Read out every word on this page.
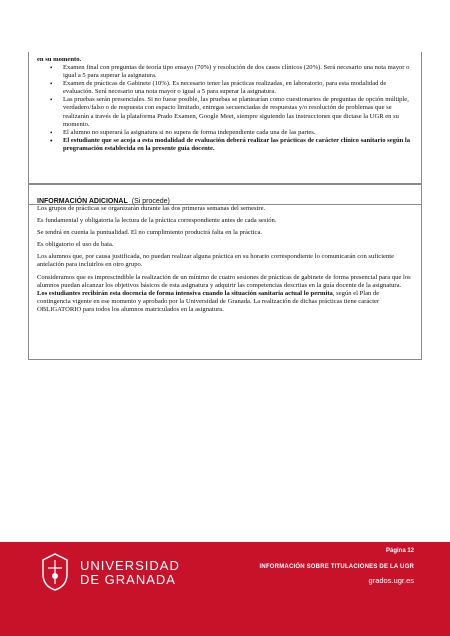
en su momento.
• Examen final con preguntas de teoría tipo ensayo (70%) y resolución de dos casos clínicos (20%). Será necesario una nota mayor o igual a 5 para superar la asignatura.
• Examen de prácticas de Gabinete (10%). Es necesario tener las prácticas realizadas, en laboratorio, para esta modalidad de evaluación. Será necesario una nota mayor o igual a 5 para superar la asignatura.
• Las pruebas serán presenciales. Si no fuese posible, las pruebas se plantearían como cuestionarios de preguntas de opción múltiple, verdadero/falso o de respuesta con espacio limitado, entregas secuenciadas de respuestas y/o resolución de problemas que se realizarán a través de la plataforma Prado Examen, Google Meet, siempre siguiendo las instrucciones que dictase la UGR en su momento.
• El alumno no superará la asignatura si no supera de forma independiente cada una de las partes.
• El estudiante que se acoja a esta modalidad de evaluación deberá realizar las prácticas de carácter clínico sanitario según la programación establecida en la presente guía docente.
INFORMACIÓN ADICIONAL (Si procede)

Los grupos de prácticas se organizarán durante las dos primeras semanas del semestre.

Es fundamental y obligatoria la lectura de la práctica correspondiente antes de cada sesión.

Se tendrá en cuenta la puntualidad. El no cumplimiento producirá falta en la práctica.

Es obligatorio el uso de bata.

Los alumnos que, por causa justificada, no puedan realizar alguna práctica en su horario correspondiente lo comunicarán con suficiente antelación para incluirlos en otro grupo.

Consideramos que es imprescindible la realización de un mínimo de cuatro sesiones de prácticas de gabinete de forma presencial para que los alumnos puedan alcanzar los objetivos básicos de esta asignatura y adquirir las competencias descritas en la guía docente de la asignatura. Los estudiantes recibirán esta docencia de forma intensiva cuando la situación sanitaria actual lo permita, según el Plan de contingencia vigente en ese momento y aprobado por la Universidad de Granada. La realización de dichas prácticas tiene carácter OBLIGATORIO para todos los alumnos matriculados en la asignatura.

UNIVERSIDAD
DE GRANADA
Página 12
INFORMACIÓN SOBRE TITULACIONES DE LA UGR
grados.ugr.es
